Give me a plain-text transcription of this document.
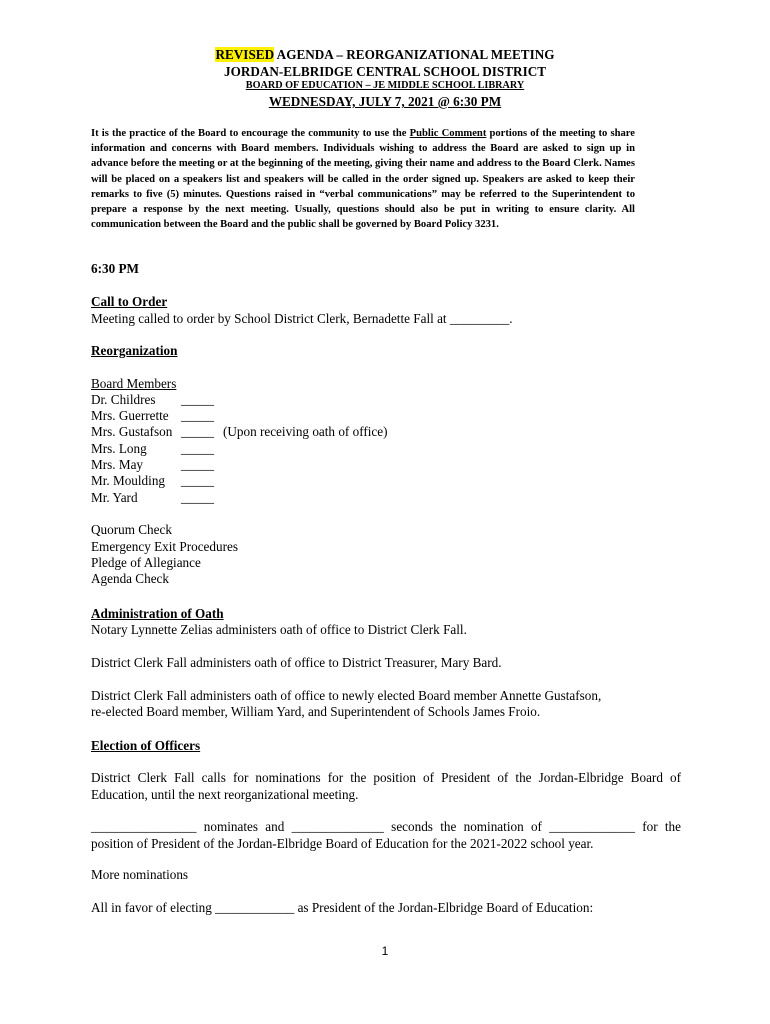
REVISED AGENDA – REORGANIZATIONAL MEETING
JORDAN-ELBRIDGE CENTRAL SCHOOL DISTRICT
BOARD OF EDUCATION – JE MIDDLE SCHOOL LIBRARY
WEDNESDAY, JULY 7, 2021 @ 6:30 PM
It is the practice of the Board to encourage the community to use the Public Comment portions of the meeting to share information and concerns with Board members. Individuals wishing to address the Board are asked to sign up in advance before the meeting or at the beginning of the meeting, giving their name and address to the Board Clerk. Names will be placed on a speakers list and speakers will be called in the order signed up. Speakers are asked to keep their remarks to five (5) minutes. Questions raised in “verbal communications” may be referred to the Superintendent to prepare a response by the next meeting. Usually, questions should also be put in writing to ensure clarity. All communication between the Board and the public shall be governed by Board Policy 3231.
6:30 PM
Call to Order
Meeting called to order by School District Clerk, Bernadette Fall at _________.
Reorganization
Board Members
Dr. Childres _____
Mrs. Guerrette _____
Mrs. Gustafson _____ (Upon receiving oath of office)
Mrs. Long	_____
Mrs. May	_____
Mr. Moulding _____
Mr. Yard	_____
Quorum Check
Emergency Exit Procedures
Pledge of Allegiance
Agenda Check
Administration of Oath
Notary Lynnette Zelias administers oath of office to District Clerk Fall.
District Clerk Fall administers oath of office to District Treasurer, Mary Bard.
District Clerk Fall administers oath of office to newly elected Board member Annette Gustafson,
re-elected Board member, William Yard, and Superintendent of Schools James Froio.
Election of Officers
District Clerk Fall calls for nominations for the position of President of the Jordan-Elbridge Board of Education, until the next reorganizational meeting.
________________ nominates and ______________ seconds the nomination of _____________ for the position of President of the Jordan-Elbridge Board of Education for the 2021-2022 school year.
More nominations
All in favor of electing ____________ as President of the Jordan-Elbridge Board of Education:
1
